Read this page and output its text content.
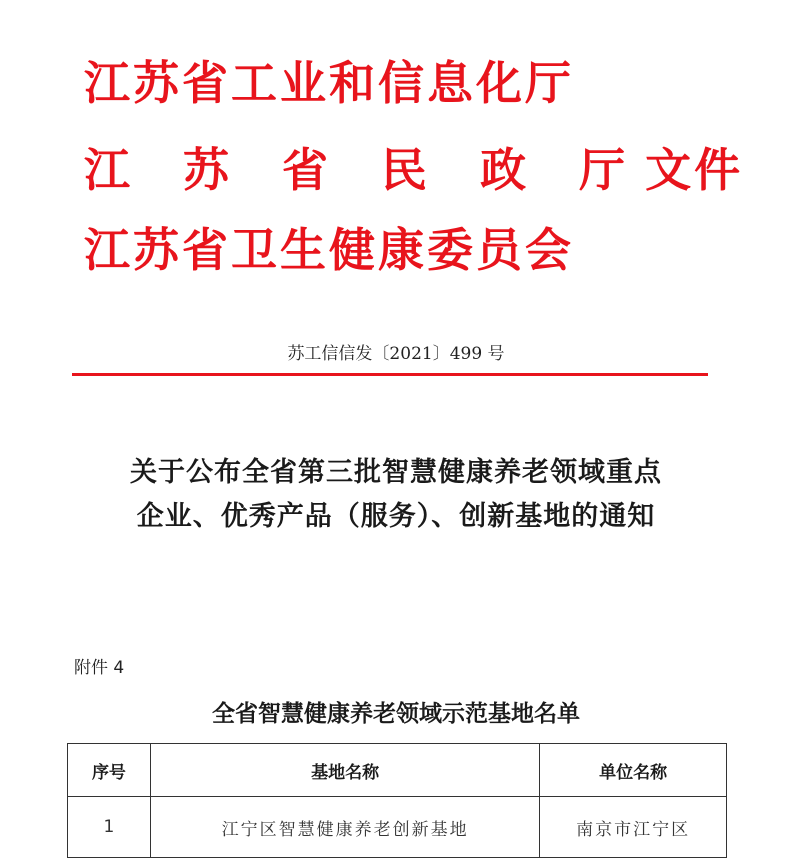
江苏省工业和信息化厅
江 苏 省 民 政 厅 文件
江苏省卫生健康委员会
苏工信信发〔2021〕499 号
关于公布全省第三批智慧健康养老领域重点
企业、优秀产品（服务）、创新基地的通知
附件 4
全省智慧健康养老领域示范基地名单
序号	基地名称	单位名称
1	江宁区智慧健康养老创新基地	南京市江宁区
